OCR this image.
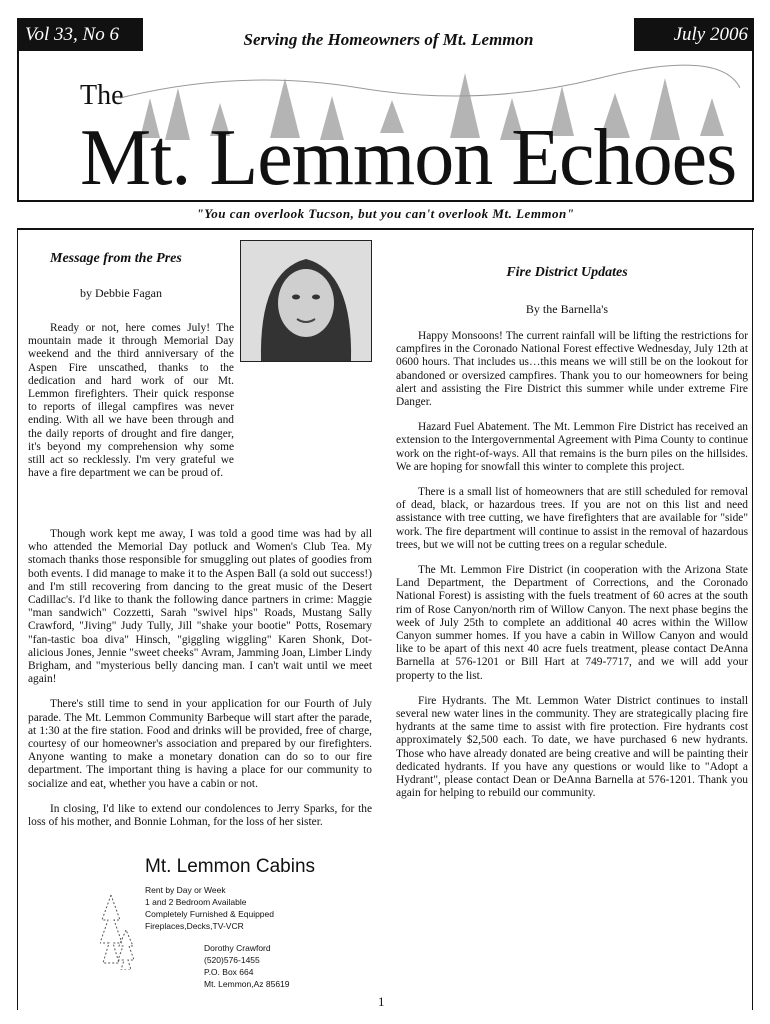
Vol 33, No 6	July 2006
Serving the Homeowners of Mt. Lemmon
The
Mt. Lemmon Echoes
"You can overlook Tucson, but you can't overlook Mt. Lemmon"
Message from the Pres
by Debbie Fagan

Ready or not, here comes July! The mountain made it through Memorial Day weekend and the third anniversary of the Aspen Fire unscathed, thanks to the dedication and hard work of our Mt. Lemmon firefighters. Their quick response to reports of illegal campfires was never ending. With all we have been through and the daily reports of drought and fire danger, it's beyond my comprehension why some still act so recklessly. I'm very grateful we have a fire department we can be proud of.

Though work kept me away, I was told a good time was had by all who attended the Memorial Day potluck and Women's Club Tea. My stomach thanks those responsible for smuggling out plates of goodies from both events. I did manage to make it to the Aspen Ball (a sold out success!) and I'm still recovering from dancing to the great music of the Desert Cadillac's. I'd like to thank the following dance partners in crime: Maggie "man sandwich" Cozzetti, Sarah "swivel hips" Roads, Mustang Sally Crawford, "Jiving" Judy Tully, Jill "shake your bootie" Potts, Rosemary "fan-tastic boa diva" Hinsch, "giggling wiggling" Karen Shonk, Dot-alicious Jones, Jennie "sweet cheeks" Avram, Jamming Joan, Limber Lindy Brigham, and "mysterious belly dancing man. I can't wait until we meet again!

There's still time to send in your application for our Fourth of July parade. The Mt. Lemmon Community Barbeque will start after the parade, at 1:30 at the fire station. Food and drinks will be provided, free of charge, courtesy of our homeowner's association and prepared by our firefighters. Anyone wanting to make a monetary donation can do so to our fire department. The important thing is having a place for our community to socialize and eat, whether you have a cabin or not.

In closing, I'd like to extend our condolences to Jerry Sparks, for the loss of his mother, and Bonnie Lohman, for the loss of her sister.

Mt. Lemmon Cabins
Rent by Day or Week
1 and 2 Bedroom Available
Completely Furnished & Equipped
Fireplaces,Decks,TV-VCR
Dorothy Crawford
(520)576-1455
P.O. Box 664
Mt. Lemmon,Az 85619
Fire District Updates
By the Barnella's

Happy Monsoons! The current rainfall will be lifting the restrictions for campfires in the Coronado National Forest effective Wednesday, July 12th at 0600 hours. That includes us…this means we will still be on the lookout for abandoned or oversized campfires. Thank you to our homeowners for being alert and assisting the Fire District this summer while under extreme Fire Danger.

Hazard Fuel Abatement. The Mt. Lemmon Fire District has received an extension to the Intergovernmental Agreement with Pima County to continue work on the right-of-ways. All that remains is the burn piles on the hillsides. We are hoping for snowfall this winter to complete this project.

There is a small list of homeowners that are still scheduled for removal of dead, black, or hazardous trees. If you are not on this list and need assistance with tree cutting, we have firefighters that are available for "side" work. The fire department will continue to assist in the removal of hazardous trees, but we will not be cutting trees on a regular schedule.

The Mt. Lemmon Fire District (in cooperation with the Arizona State Land Department, the Department of Corrections, and the Coronado National Forest) is assisting with the fuels treatment of 60 acres at the south rim of Rose Canyon/north rim of Willow Canyon. The next phase begins the week of July 25th to complete an additional 40 acres within the Willow Canyon summer homes. If you have a cabin in Willow Canyon and would like to be apart of this next 40 acre fuels treatment, please contact DeAnna Barnella at 576-1201 or Bill Hart at 749-7717, and we will add your property to the list.

Fire Hydrants. The Mt. Lemmon Water District continues to install several new water lines in the community. They are strategically placing fire hydrants at the same time to assist with fire protection. Fire hydrants cost approximately $2,500 each. To date, we have purchased 6 new hydrants. Those who have already donated are being creative and will be painting their dedicated hydrants. If you have any questions or would like to "Adopt a Hydrant", please contact Dean or DeAnna Barnella at 576-1201. Thank you again for helping to rebuild our community.

1
